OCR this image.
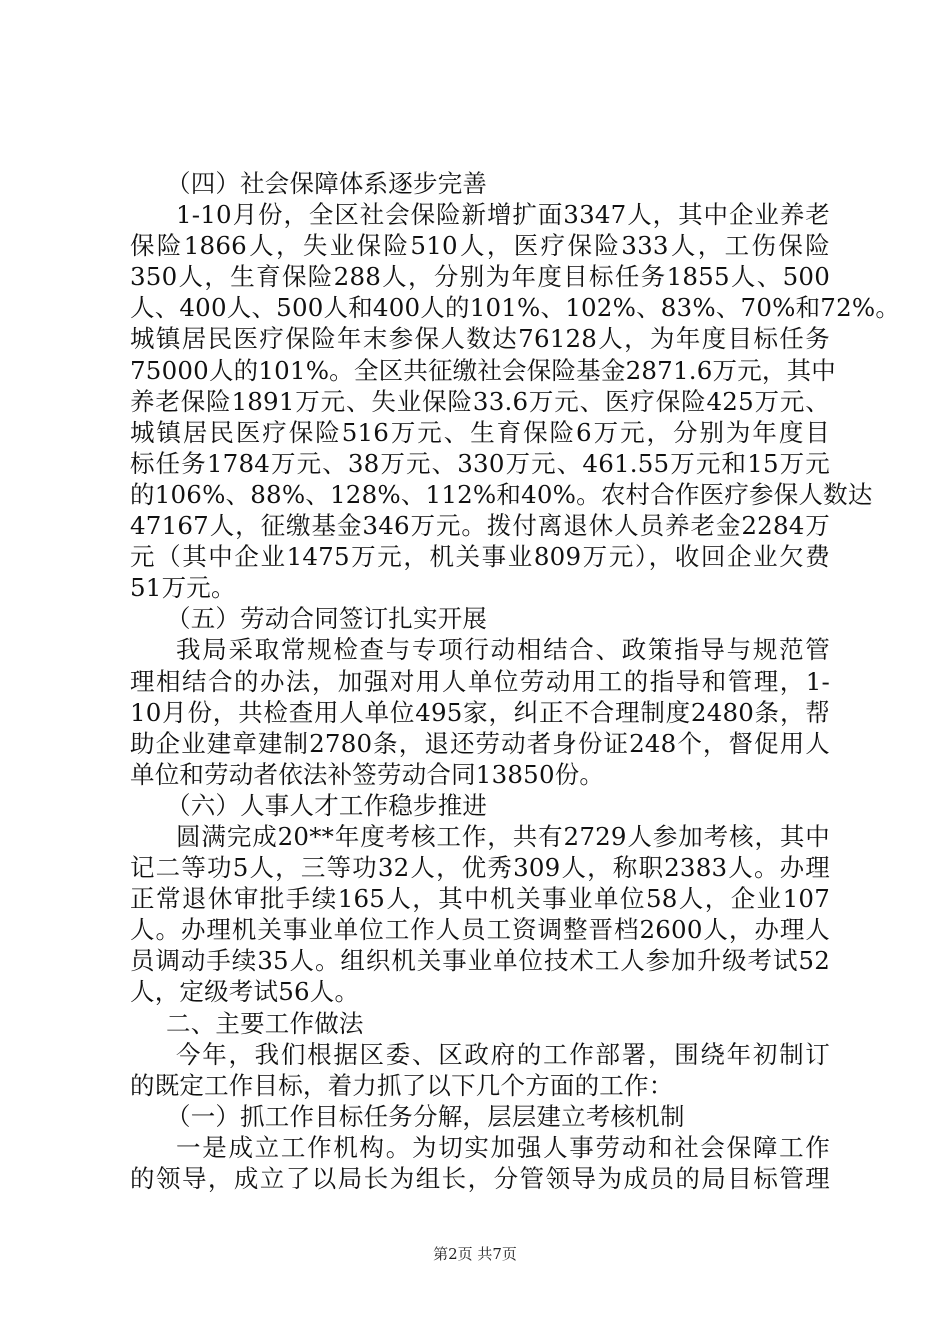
（四）社会保障体系逐步完善
1-10月份，全区社会保险新增扩面3347人，其中企业养老
保险1866人，失业保险510人，医疗保险333人，工伤保险
350人，生育保险288人，分别为年度目标任务1855人、500
人、400人、500人和400人的101%、102%、83%、70%和72%。
城镇居民医疗保险年末参保人数达76128人，为年度目标任务
75000人的101%。全区共征缴社会保险基金2871.6万元，其中
养老保险1891万元、失业保险33.6万元、医疗保险425万元、
城镇居民医疗保险516万元、生育保险6万元，分别为年度目
标任务1784万元、38万元、330万元、461.55万元和15万元
的106%、88%、128%、112%和40%。农村合作医疗参保人数达
47167人，征缴基金346万元。拨付离退休人员养老金2284万
元（其中企业1475万元，机关事业809万元），收回企业欠费
51万元。
（五）劳动合同签订扎实开展
我局采取常规检查与专项行动相结合、政策指导与规范管
理相结合的办法，加强对用人单位劳动用工的指导和管理，1-
10月份，共检查用人单位495家，纠正不合理制度2480条，帮
助企业建章建制2780条，退还劳动者身份证248个，督促用人
单位和劳动者依法补签劳动合同13850份。
（六）人事人才工作稳步推进
圆满完成20**年度考核工作，共有2729人参加考核，其中
记二等功5人，三等功32人，优秀309人，称职2383人。办理
正常退休审批手续165人，其中机关事业单位58人，企业107
人。办理机关事业单位工作人员工资调整晋档2600人，办理人
员调动手续35人。组织机关事业单位技术工人参加升级考试52
人，定级考试56人。
二、主要工作做法
今年，我们根据区委、区政府的工作部署，围绕年初制订
的既定工作目标，着力抓了以下几个方面的工作：
（一）抓工作目标任务分解，层层建立考核机制
一是成立工作机构。为切实加强人事劳动和社会保障工作
的领导，成立了以局长为组长，分管领导为成员的局目标管理
第2页 共7页
